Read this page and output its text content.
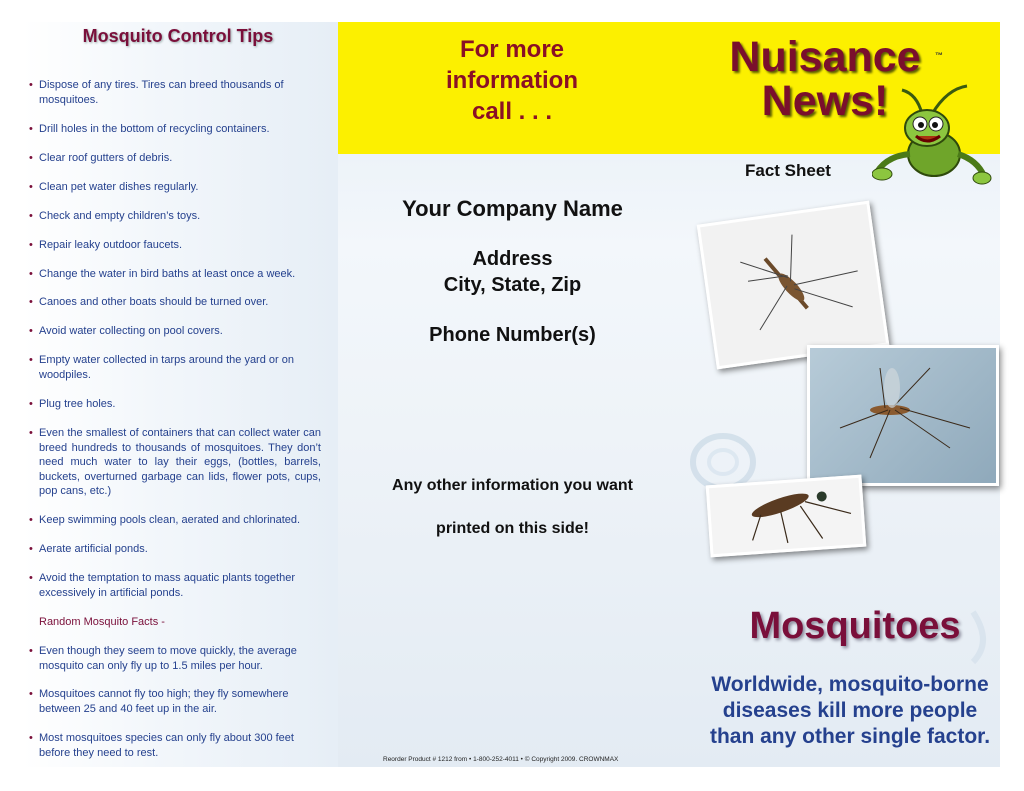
Mosquito Control Tips
• Dispose of any tires. Tires can breed thousands of mosquitoes.
• Drill holes in the bottom of recycling containers.
• Clear roof gutters of debris.
• Clean pet water dishes regularly.
• Check and empty children’s toys.
• Repair leaky outdoor faucets.
• Change the water in bird baths at least once a week.
• Canoes and other boats should be turned over.
• Avoid water collecting on pool covers.
• Empty water collected in tarps around the yard or on woodpiles.
• Plug tree holes.
• Even the smallest of containers that can collect water can breed hundreds to thousands of mosquitoes. They don’t need much water to lay their eggs, (bottles, barrels, buckets, overturned garbage can lids, flower pots, cups, pop cans, etc.)
• Keep swimming pools clean, aerated and chlorinated.
• Aerate artificial ponds.
• Avoid the temptation to mass aquatic plants together excessively in artificial ponds.
Random Mosquito Facts -
• Even though they seem to move quickly, the average mosquito can only fly up to 1.5 miles per hour.
• Mosquitoes cannot fly too high; they fly somewhere between 25 and 40 feet up in the air.
• Most mosquitoes species can only fly about 300 feet before they need to rest.
For more
information
call . . .
Nuisance
News!
™
Fact Sheet
Your Company Name
Address
City, State, Zip
Phone Number(s)
Any other information you want
printed on this side!
Mosquitoes
Worldwide, mosquito-borne
diseases kill more people
than any other single factor.
Reorder Product # 1212 from • 1-800-252-4011 • © Copyright 2009. CROWNMAX
